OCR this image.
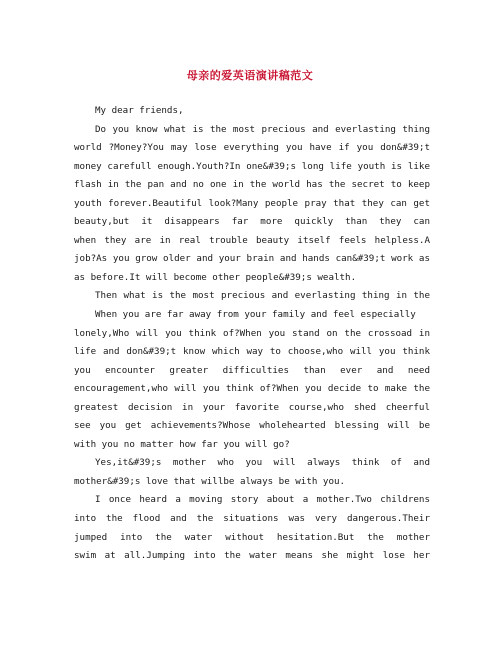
母亲的爱英语演讲稿范文
My dear friends,
Do you know what is the most precious and everlasting thing
world ?Money?You may lose everything you have if you don&#39;t
money carefull enough.Youth?In one&#39;s long life youth is like
flash in the pan and no one in the world has the secret to keep
youth forever.Beautiful look?Many people pray that they can get
beauty,but it disappears far more quickly than they can
when they are in real trouble beauty itself feels helpless.A
job?As you grow older and your brain and hands can&#39;t work as
as before.It will become other people&#39;s wealth.
Then what is the most precious and everlasting thing in the
When you are far away from your family and feel especially
lonely,Who will you think of?When you stand on the crossoad in
life and don&#39;t know which way to choose,who will you think
you encounter greater difficulties than ever and need
encouragement,who will you think of?When you decide to make the
greatest decision in your favorite course,who shed cheerful
see you get achievements?Whose wholehearted blessing will be
with you no matter how far you will go?
Yes,it&#39;s mother who you will always think of and
mother&#39;s love that willbe always be with you.
I once heard a moving story about a mother.Two childrens
into the flood and the situations was very dangerous.Their
jumped into the water without hesitation.But the mother
swim at all.Jumping into the water means she might lose her
